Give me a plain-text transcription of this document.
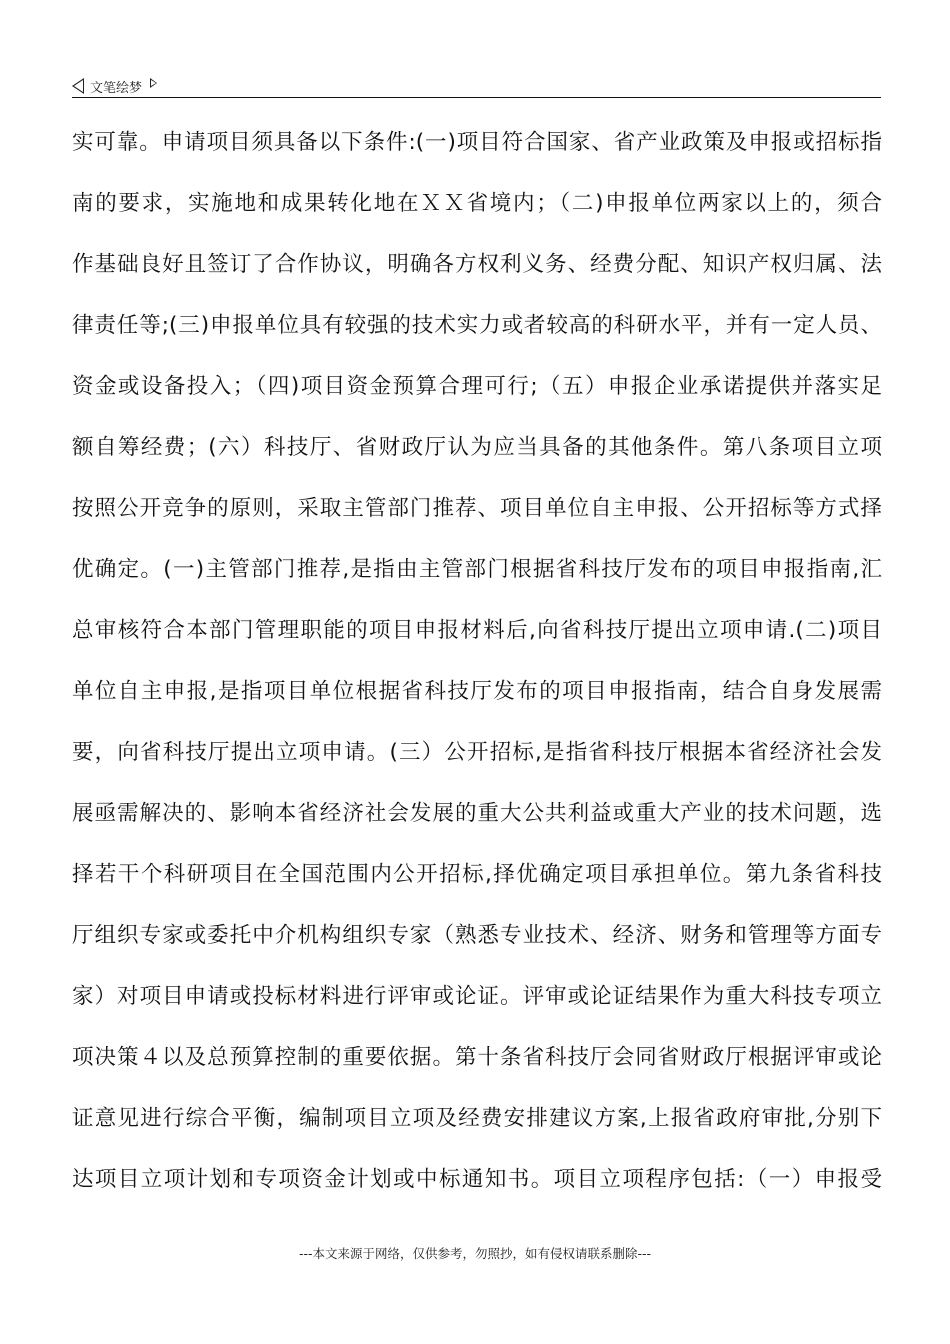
文笔绘梦
实可靠。申请项目须具备以下条件:(一)项目符合国家、省产业政策及申报或招标指
南的要求，实施地和成果转化地在ＸＸ省境内；（二)申报单位两家以上的，须合
作基础良好且签订了合作协议，明确各方权利义务、经费分配、知识产权归属、法
律责任等;(三)申报单位具有较强的技术实力或者较高的科研水平，并有一定人员、
资金或设备投入；（四)项目资金预算合理可行;（五）申报企业承诺提供并落实足
额自筹经费；(六）科技厅、省财政厅认为应当具备的其他条件。第八条项目立项
按照公开竞争的原则，采取主管部门推荐、项目单位自主申报、公开招标等方式择
优确定。(一)主管部门推荐,是指由主管部门根据省科技厅发布的项目申报指南,汇
总审核符合本部门管理职能的项目申报材料后,向省科技厅提出立项申请.(二)项目
单位自主申报,是指项目单位根据省科技厅发布的项目申报指南，结合自身发展需
要，向省科技厅提出立项申请。(三）公开招标,是指省科技厅根据本省经济社会发
展亟需解决的、影响本省经济社会发展的重大公共利益或重大产业的技术问题，选
择若干个科研项目在全国范围内公开招标,择优确定项目承担单位。第九条省科技
厅组织专家或委托中介机构组织专家（熟悉专业技术、经济、财务和管理等方面专
家）对项目申请或投标材料进行评审或论证。评审或论证结果作为重大科技专项立
项决策４以及总预算控制的重要依据。第十条省科技厅会同省财政厅根据评审或论
证意见进行综合平衡，编制项目立项及经费安排建议方案,上报省政府审批,分别下
达项目立项计划和专项资金计划或中标通知书。项目立项程序包括:（一）申报受
---本文来源于网络，仅供参考，勿照抄，如有侵权请联系删除---
